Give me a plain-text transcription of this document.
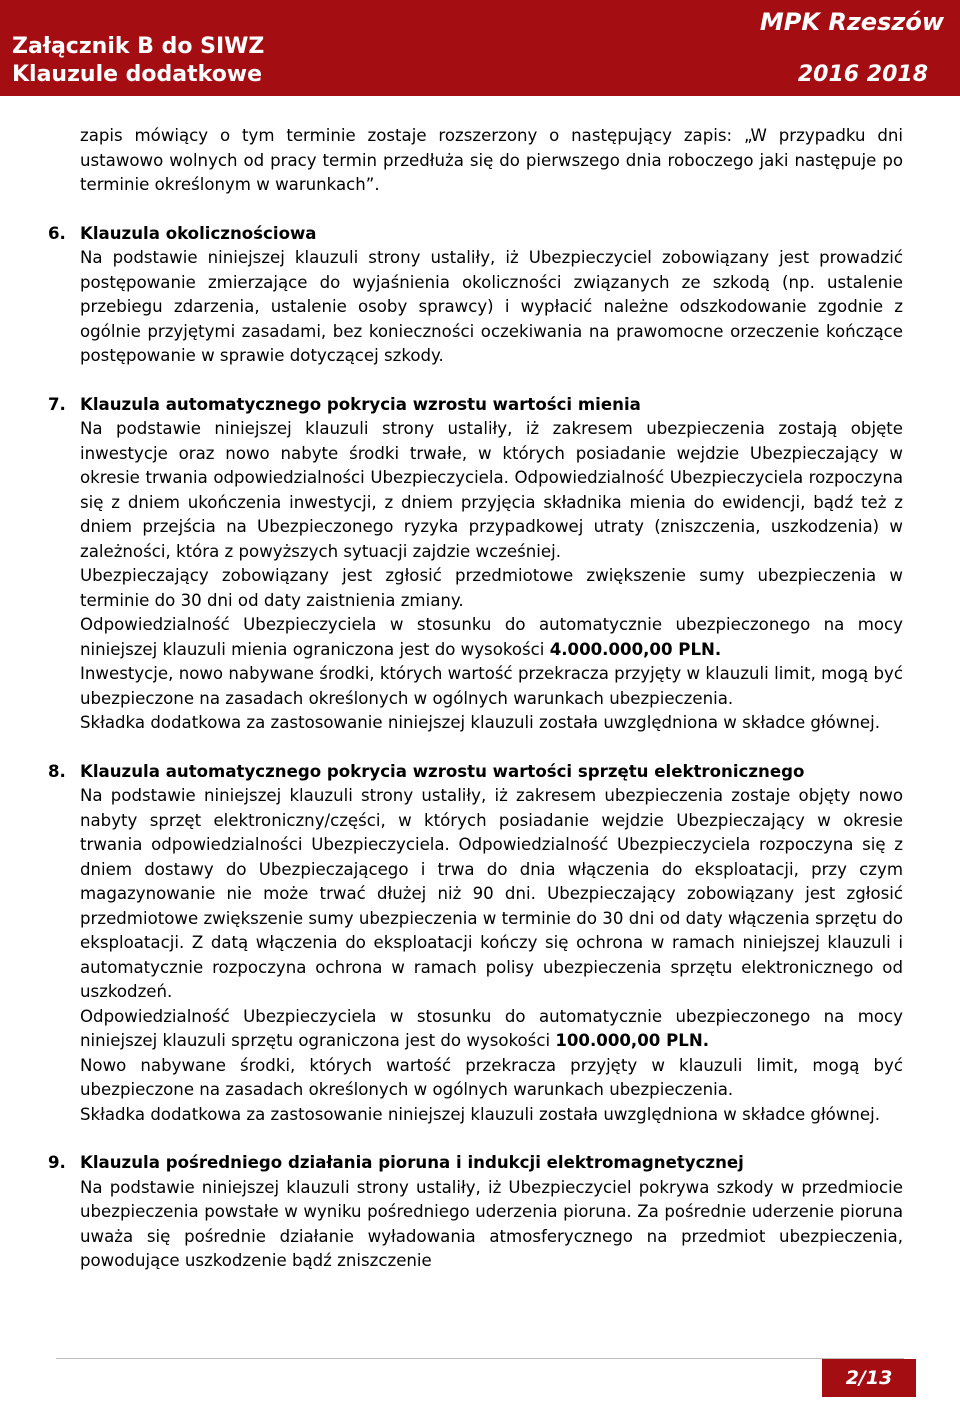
Załącznik B do SIWZ
Klauzule dodatkowe
MPK Rzeszów
2016 2018

zapis mówiący o tym terminie zostaje rozszerzony o następujący zapis: „W przypadku dni ustawowo wolnych od pracy termin przedłuża się do pierwszego dnia roboczego jaki następuje po terminie określonym w warunkach”.

6. Klauzula okolicznościowa

Na podstawie niniejszej klauzuli strony ustaliły, iż Ubezpieczyciel zobowiązany jest prowadzić postępowanie zmierzające do wyjaśnienia okoliczności związanych ze szkodą (np. ustalenie przebiegu zdarzenia, ustalenie osoby sprawcy) i wypłacić należne odszkodowanie zgodnie z ogólnie przyjętymi zasadami, bez konieczności oczekiwania na prawomocne orzeczenie kończące postępowanie w sprawie dotyczącej szkody.

7. Klauzula automatycznego pokrycia wzrostu wartości mienia

Na podstawie niniejszej klauzuli strony ustaliły, iż zakresem ubezpieczenia zostają objęte inwestycje oraz nowo nabyte środki trwałe, w których posiadanie wejdzie Ubezpieczający w okresie trwania odpowiedzialności Ubezpieczyciela. Odpowiedzialność Ubezpieczyciela rozpoczyna się z dniem ukończenia inwestycji, z dniem przyjęcia składnika mienia do ewidencji, bądź też z dniem przejścia na Ubezpieczonego ryzyka przypadkowej utraty (zniszczenia, uszkodzenia) w zależności, która z powyższych sytuacji zajdzie wcześniej.

Ubezpieczający zobowiązany jest zgłosić przedmiotowe zwiększenie sumy ubezpieczenia w terminie do 30 dni od daty zaistnienia zmiany.

Odpowiedzialność Ubezpieczyciela w stosunku do automatycznie ubezpieczonego na mocy niniejszej klauzuli mienia ograniczona jest do wysokości 4.000.000,00 PLN.

Inwestycje, nowo nabywane środki, których wartość przekracza przyjęty w klauzuli limit, mogą być ubezpieczone na zasadach określonych w ogólnych warunkach ubezpieczenia.

Składka dodatkowa za zastosowanie niniejszej klauzuli została uwzględniona w składce głównej.

8. Klauzula automatycznego pokrycia wzrostu wartości sprzętu elektronicznego

Na podstawie niniejszej klauzuli strony ustaliły, iż zakresem ubezpieczenia zostaje objęty nowo nabyty sprzęt elektroniczny/części, w których posiadanie wejdzie Ubezpieczający w okresie trwania odpowiedzialności Ubezpieczyciela. Odpowiedzialność Ubezpieczyciela rozpoczyna się z dniem dostawy do Ubezpieczającego i trwa do dnia włączenia do eksploatacji, przy czym magazynowanie nie może trwać dłużej niż 90 dni. Ubezpieczający zobowiązany jest zgłosić przedmiotowe zwiększenie sumy ubezpieczenia w terminie do 30 dni od daty włączenia sprzętu do eksploatacji. Z datą włączenia do eksploatacji kończy się ochrona w ramach niniejszej klauzuli i automatycznie rozpoczyna ochrona w ramach polisy ubezpieczenia sprzętu elektronicznego od uszkodzeń.

Odpowiedzialność Ubezpieczyciela w stosunku do automatycznie ubezpieczonego na mocy niniejszej klauzuli sprzętu ograniczona jest do wysokości 100.000,00 PLN.

Nowo nabywane środki, których wartość przekracza przyjęty w klauzuli limit, mogą być ubezpieczone na zasadach określonych w ogólnych warunkach ubezpieczenia.

Składka dodatkowa za zastosowanie niniejszej klauzuli została uwzględniona w składce głównej.

9. Klauzula pośredniego działania pioruna i indukcji elektromagnetycznej

Na podstawie niniejszej klauzuli strony ustaliły, iż Ubezpieczyciel pokrywa szkody w przedmiocie ubezpieczenia powstałe w wyniku pośredniego uderzenia pioruna. Za pośrednie uderzenie pioruna uważa się pośrednie działanie wyładowania atmosferycznego na przedmiot ubezpieczenia, powodujące uszkodzenie bądź zniszczenie

2/13
